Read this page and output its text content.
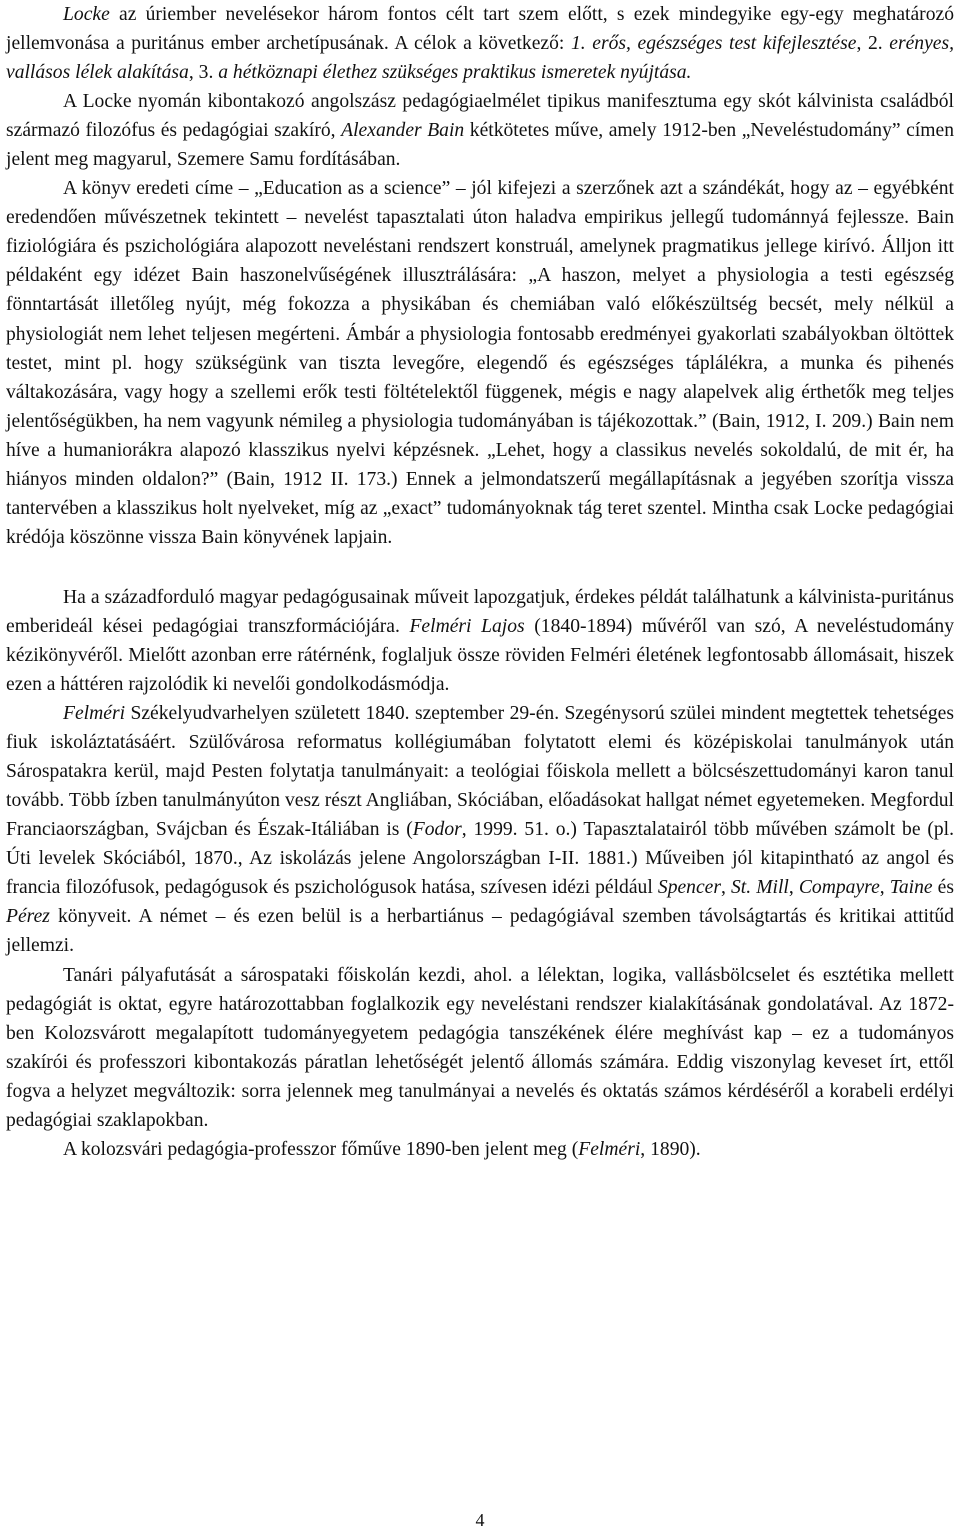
Locke az úriember nevelésekor három fontos célt tart szem előtt, s ezek mindegyike egy-egy meghatározó jellemvonása a puritánus ember archetípusának. A célok a következő: 1. erős, egészséges test kifejlesztése, 2. erényes, vallásos lélek alakítása, 3. a hétköznapi élethez szükséges praktikus ismeretek nyújtása.

A Locke nyomán kibontakozó angolszász pedagógiaelmélet tipikus manifesztuma egy skót kálvinista családból származó filozófus és pedagógiai szakíró, Alexander Bain kétkötetes műve, amely 1912-ben „Neveléstudomány” címen jelent meg magyarul, Szemere Samu fordításában.

A könyv eredeti címe – „Education as a science” – jól kifejezi a szerzőnek azt a szándékát, hogy az – egyébként eredendően művészetnek tekintett – nevelést tapasztalati úton haladva empirikus jellegű tudománnyá fejlessze. Bain fiziológiára és pszichológiára alapozott neveléstani rendszert konstruál, amelynek pragmatikus jellege kirívó. Álljon itt példaként egy idézet Bain haszonelvűségének illusztrálására: „A haszon, melyet a physiologia a testi egészség fönntartását illetőleg nyújt, még fokozza a physikában és chemiában való előkészültség becsét, mely nélkül a physiologiát nem lehet teljesen megérteni. Ámbár a physiologia fontosabb eredményei gyakorlati szabályokban öltöttek testet, mint pl. hogy szükségünk van tiszta levegőre, elegendő és egészséges táplálékra, a munka és pihenés váltakozására, vagy hogy a szellemi erők testi föltételektől függenek, mégis e nagy alapelvek alig érthetők meg teljes jelentőségükben, ha nem vagyunk némileg a physiologia tudományában is tájékozottak.” (Bain, 1912, I. 209.) Bain nem híve a humaniorákra alapozó klasszikus nyelvi képzésnek. „Lehet, hogy a classikus nevelés sokoldalú, de mit ér, ha hiányos minden oldalon?” (Bain, 1912 II. 173.) Ennek a jelmondatszerű megállapításnak a jegyében szorítja vissza tantervében a klasszikus holt nyelveket, míg az „exact” tudományoknak tág teret szentel. Mintha csak Locke pedagógiai krédója köszönne vissza Bain könyvének lapjain.

Ha a századforduló magyar pedagógusainak műveit lapozgatjuk, érdekes példát találhatunk a kálvinista-puritánus emberideál kései pedagógiai transzformációjára. Felméri Lajos (1840-1894) művéről van szó, A neveléstudomány kézikönyvéről. Mielőtt azonban erre rátérnénk, foglaljuk össze röviden Felméri életének legfontosabb állomásait, hiszek ezen a háttéren rajzolódik ki nevelői gondolkodásmódja.

Felméri Székelyudvarhelyen született 1840. szeptember 29-én. Szegénysorú szülei mindent megtettek tehetséges fiuk iskoláztatásáért. Szülővárosa reformatus kollégiumában folytatott elemi és középiskolai tanulmányok után Sárospatakra kerül, majd Pesten folytatja tanulmányait: a teológiai főiskola mellett a bölcsészettudományi karon tanul tovább. Több ízben tanulmányúton vesz részt Angliában, Skóciában, előadásokat hallgat német egyetemeken. Megfordul Franciaországban, Svájcban és Észak-Itáliában is (Fodor, 1999. 51. o.) Tapasztalatairól több művében számolt be (pl. Úti levelek Skóciából, 1870., Az iskolázás jelene Angolországban I-II. 1881.) Műveiben jól kitapintható az angol és francia filozófusok, pedagógusok és pszichológusok hatása, szívesen idézi például Spencer, St. Mill, Compayre, Taine és Pérez könyveit. A német – és ezen belül is a herbartiánus – pedagógiával szemben távolságtartás és kritikai attitűd jellemzi.

Tanári pályafutását a sárospataki főiskolán kezdi, ahol. a lélektan, logika, vallásbölcselet és esztétika mellett pedagógiát is oktat, egyre határozottabban foglalkozik egy neveléstani rendszer kialakításának gondolatával. Az 1872-ben Kolozsvárott megalapított tudományegyetem pedagógia tanszékének élére meghívást kap – ez a tudományos szakírói és professzori kibontakozás páratlan lehetőségét jelentő állomás számára. Eddig viszonylag keveset írt, ettől fogva a helyzet megváltozik: sorra jelennek meg tanulmányai a nevelés és oktatás számos kérdéséről a korabeli erdélyi pedagógiai szaklapokban.

A kolozsvári pedagógia-professzor főműve 1890-ben jelent meg (Felméri, 1890).

4
